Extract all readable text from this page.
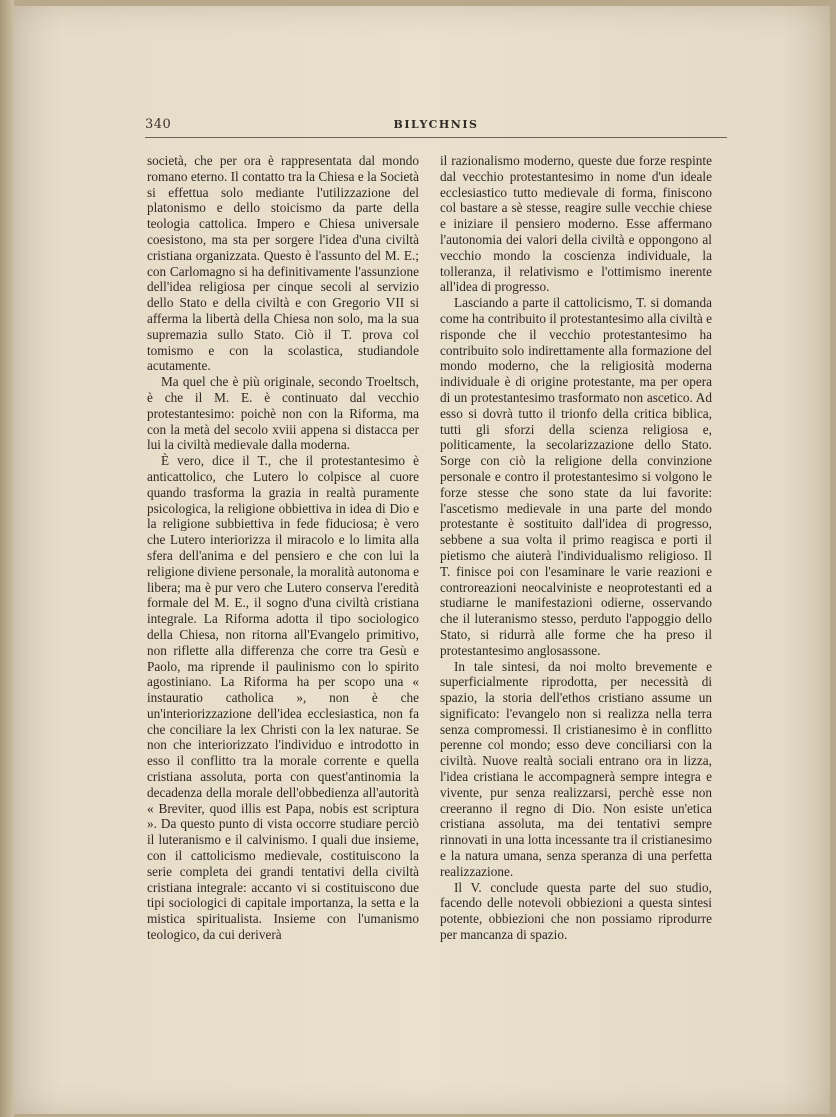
340	BILYCHNIS

società, che per ora è rappresentata dal mondo romano eterno. Il contatto tra la Chiesa e la Società si effettua solo mediante l'utilizzazione del platonismo e dello stoicismo da parte della teologia cattolica. Impero e Chiesa universale coesistono, ma sta per sorgere l'idea d'una civiltà cristiana organizzata. Questo è l'assunto del M. E.; con Carlomagno si ha definitivamente l'assunzione dell'idea religiosa per cinque secoli al servizio dello Stato e della civiltà e con Gregorio VII si afferma la libertà della Chiesa non solo, ma la sua supremazia sullo Stato. Ciò il T. prova col tomismo e con la scolastica, studiandole acutamente.

Ma quel che è più originale, secondo Troeltsch, è che il M. E. è continuato dal vecchio protestantesimo: poichè non con la Riforma, ma con la metà del secolo xviii appena si distacca per lui la civiltà medievale dalla moderna.

È vero, dice il T., che il protestantesimo è anticattolico, che Lutero lo colpisce al cuore quando trasforma la grazia in realtà puramente psicologica, la religione obbiettiva in idea di Dio e la religione subbiettiva in fede fiduciosa; è vero che Lutero interiorizza il miracolo e lo limita alla sfera dell'anima e del pensiero e che con lui la religione diviene personale, la moralità autonoma e libera; ma è pur vero che Lutero conserva l'eredità formale del M. E., il sogno d'una civiltà cristiana integrale. La Riforma adotta il tipo sociologico della Chiesa, non ritorna all'Evangelo primitivo, non riflette alla differenza che corre tra Gesù e Paolo, ma riprende il paulinismo con lo spirito agostiniano. La Riforma ha per scopo una « instauratio catholica », non è che un'interiorizzazione dell'idea ecclesiastica, non fa che conciliare la lex Christi con la lex naturae. Se non che interiorizzato l'individuo e introdotto in esso il conflitto tra la morale corrente e quella cristiana assoluta, porta con quest'antinomia la decadenza della morale dell'obbedienza all'autorità « Breviter, quod illis est Papa, nobis est scriptura ». Da questo punto di vista occorre studiare perciò il luteranismo e il calvinismo. I quali due insieme, con il cattolicismo medievale, costituiscono la serie completa dei grandi tentativi della civiltà cristiana integrale: accanto vi si costituiscono due tipi sociologici di capitale importanza, la setta e la mistica spiritualista. Insieme con l'umanismo teologico, da cui deriverà

il razionalismo moderno, queste due forze respinte dal vecchio protestantesimo in nome d'un ideale ecclesiastico tutto medievale di forma, finiscono col bastare a sè stesse, reagire sulle vecchie chiese e iniziare il pensiero moderno. Esse affermano l'autonomia dei valori della civiltà e oppongono al vecchio mondo la coscienza individuale, la tolleranza, il relativismo e l'ottimismo inerente all'idea di progresso.

Lasciando a parte il cattolicismo, T. si domanda come ha contribuito il protestantesimo alla civiltà e risponde che il vecchio protestantesimo ha contribuito solo indirettamente alla formazione del mondo moderno, che la religiosità moderna individuale è di origine protestante, ma per opera di un protestantesimo trasformato non ascetico. Ad esso si dovrà tutto il trionfo della critica biblica, tutti gli sforzi della scienza religiosa e, politicamente, la secolarizzazione dello Stato. Sorge con ciò la religione della convinzione personale e contro il protestantesimo si volgono le forze stesse che sono state da lui favorite: l'ascetismo medievale in una parte del mondo protestante è sostituito dall'idea di progresso, sebbene a sua volta il primo reagisca e porti il pietismo che aiuterà l'individualismo religioso. Il T. finisce poi con l'esaminare le varie reazioni e controreazioni neocalviniste e neoprotestanti ed a studiarne le manifestazioni odierne, osservando che il luteranismo stesso, perduto l'appoggio dello Stato, si ridurrà alle forme che ha preso il protestantesimo anglosassone.

In tale sintesi, da noi molto brevemente e superficialmente riprodotta, per necessità di spazio, la storia dell'ethos cristiano assume un significato: l'evangelo non si realizza nella terra senza compromessi. Il cristianesimo è in conflitto perenne col mondo; esso deve conciliarsi con la civiltà. Nuove realtà sociali entrano ora in lizza, l'idea cristiana le accompagnerà sempre integra e vivente, pur senza realizzarsi, perchè esse non creeranno il regno di Dio. Non esiste un'etica cristiana assoluta, ma dei tentativi sempre rinnovati in una lotta incessante tra il cristianesimo e la natura umana, senza speranza di una perfetta realizzazione.

Il V. conclude questa parte del suo studio, facendo delle notevoli obbiezioni a questa sintesi potente, obbiezioni che non possiamo riprodurre per mancanza di spazio.
